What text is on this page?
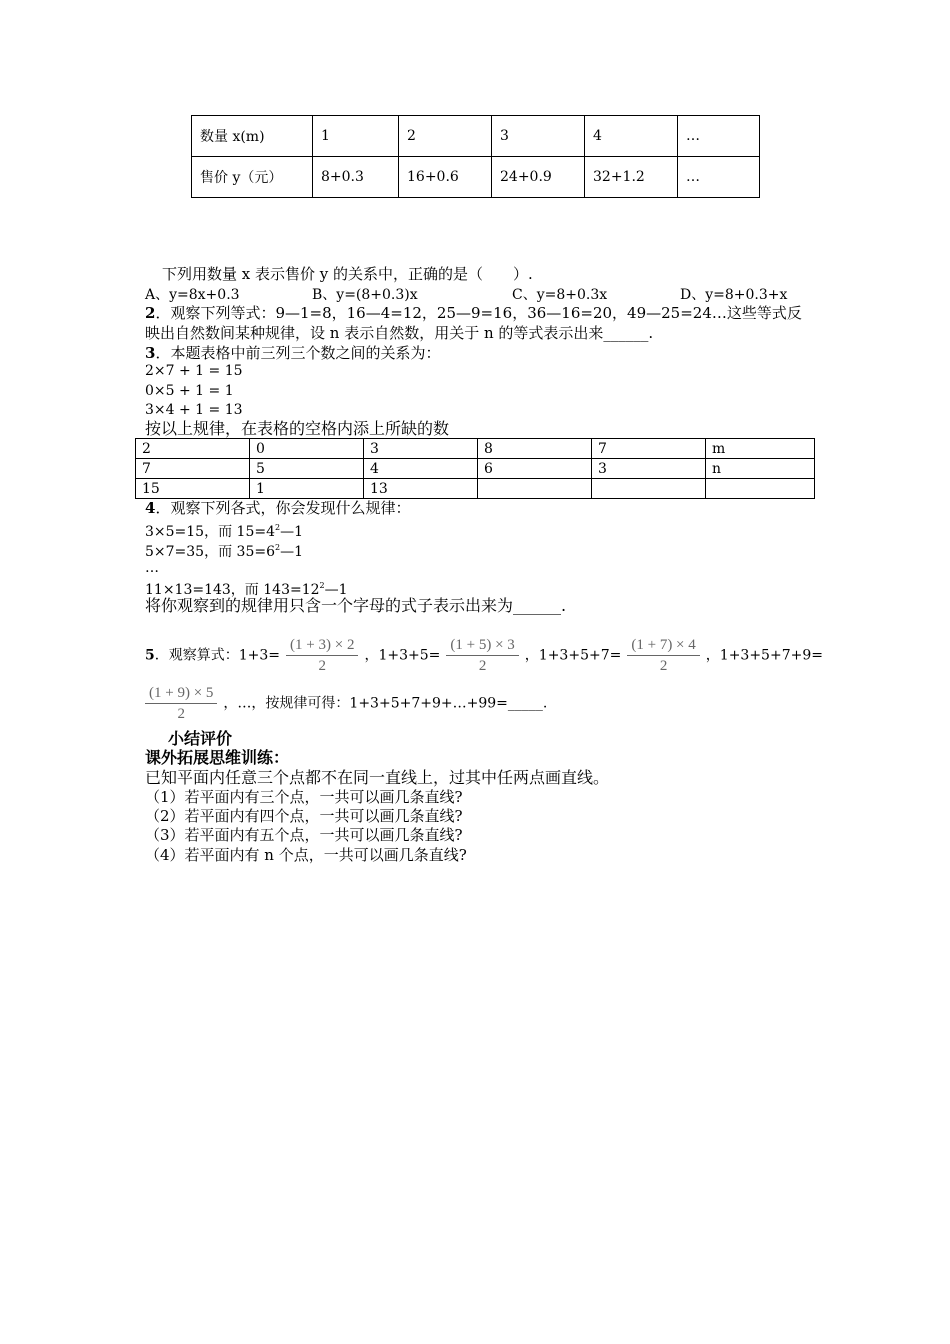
数量 x(m)	1	2	3	4	…
售价 y（元）	8+0.3	16+0.6	24+0.9	32+1.2	…
下列用数量 x 表示售价 y 的关系中，正确的是（　　）.
A、y=8x+0.3	B、y=(8+0.3)x	C、y=8+0.3x	D、y=8+0.3+x
2．观察下列等式：9—1=8，16—4=12，25—9=16，36—16=20，49—25=24…这些等式反
映出自然数间某种规律，设 n 表示自然数，用关于 n 的等式表示出来______.
3．本题表格中前三列三个数之间的关系为：
2×7 + 1 = 15
0×5 + 1 = 1
3×4 + 1 = 13
按以上规律，在表格的空格内添上所缺的数
2	0	3	8	7	m
7	5	4	6	3	n
15	1	13			
4．观察下列各式，你会发现什么规律：
3×5=15，而 $15=4^2—1$
5×7=35，而 $35=6^2—1$
…
11×13=143，而 $143=12^2—1$
将你观察到的规律用只含一个字母的式子表示出来为______.
5．观察算式：$1+3= \frac{(1 + 3) \times 2}{2}$ ，$1+3+5= \frac{(1 + 5) \times 3}{2}$ ，$1+3+5+7= \frac{(1 + 7) \times 4}{2}$ ，1+3+5+7+9=
$\frac{(1 + 9) \times 5}{2}$ ，…，按规律可得：1+3+5+7+9+…+99=_____.
小结评价
课外拓展思维训练：
已知平面内任意三个点都不在同一直线上，过其中任两点画直线。
（1）若平面内有三个点，一共可以画几条直线?
（2）若平面内有四个点，一共可以画几条直线?
（3）若平面内有五个点，一共可以画几条直线?
（4）若平面内有 n 个点，一共可以画几条直线?
